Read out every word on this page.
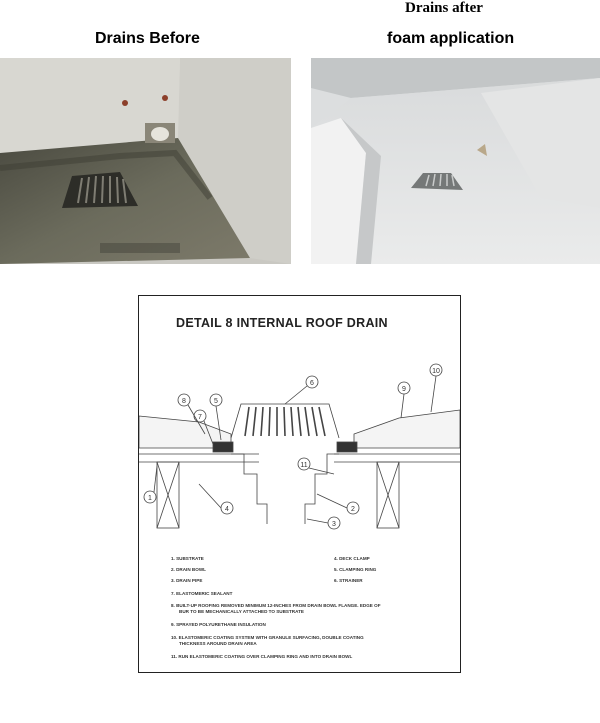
Drains Before
Drains after
foam application
DETAIL 8 INTERNAL ROOF DRAIN
1
2
3
4
5
6
7
8
9
10
11
1. SUBSTRATE
2. DRAIN BOWL
3. DRAIN PIPE
7. ELASTOMERIC SEALANT
8. BUILT-UP ROOFING REMOVED MINIMUM 12-INCHES FROM DRAIN BOWL FLANGE. EDGE OF
BUR TO BE MECHANICALLY ATTACHED TO SUBSTRATE
9. SPRAYED POLYURETHANE INSULATION
10. ELASTOMERIC COATING SYSTEM WITH GRANULE SURFACING, DOUBLE COATING
THICKNESS AROUND DRAIN AREA
11. RUN ELASTOMERIC COATING OVER CLAMPING RING AND INTO DRAIN BOWL
4. DECK CLAMP
5. CLAMPING RING
6. STRAINER
